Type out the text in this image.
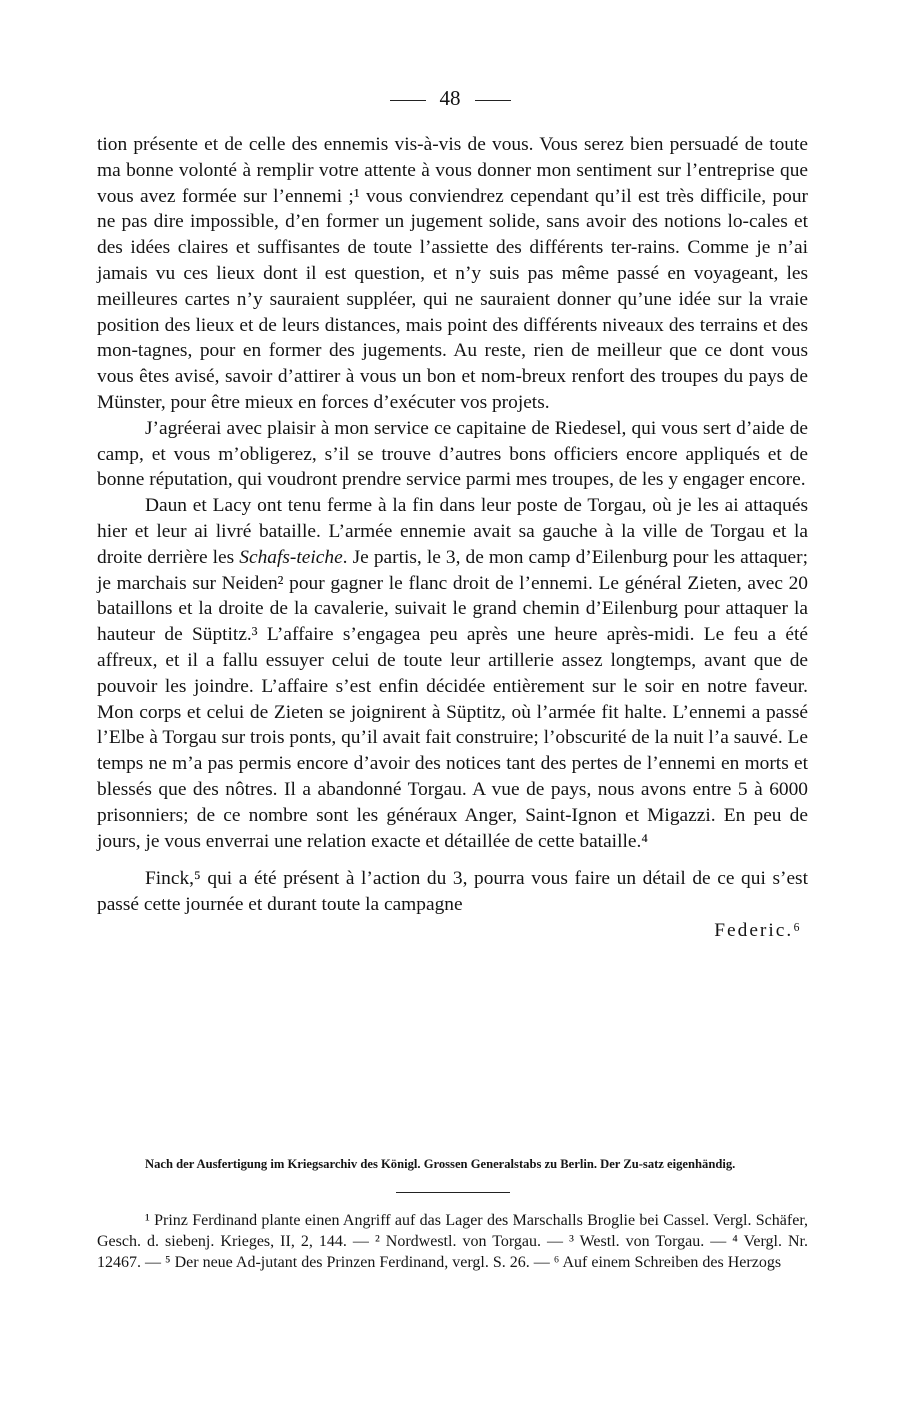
48

tion présente et de celle des ennemis vis-à-vis de vous. Vous serez bien persuadé de toute ma bonne volonté à remplir votre attente à vous donner mon sentiment sur l’entreprise que vous avez formée sur l’ennemi ;¹ vous conviendrez cependant qu’il est très difficile, pour ne pas dire impossible, d’en former un jugement solide, sans avoir des notions lo-cales et des idées claires et suffisantes de toute l’assiette des différents ter-rains. Comme je n’ai jamais vu ces lieux dont il est question, et n’y suis pas même passé en voyageant, les meilleures cartes n’y sauraient suppléer, qui ne sauraient donner qu’une idée sur la vraie position des lieux et de leurs distances, mais point des différents niveaux des terrains et des mon-tagnes, pour en former des jugements. Au reste, rien de meilleur que ce dont vous vous êtes avisé, savoir d’attirer à vous un bon et nom-breux renfort des troupes du pays de Münster, pour être mieux en forces d’exécuter vos projets.

J’agréerai avec plaisir à mon service ce capitaine de Riedesel, qui vous sert d’aide de camp, et vous m’obligerez, s’il se trouve d’autres bons officiers encore appliqués et de bonne réputation, qui voudront prendre service parmi mes troupes, de les y engager encore.

Daun et Lacy ont tenu ferme à la fin dans leur poste de Torgau, où je les ai attaqués hier et leur ai livré bataille. L’armée ennemie avait sa gauche à la ville de Torgau et la droite derrière les Schafs-teiche. Je partis, le 3, de mon camp d’Eilenburg pour les attaquer; je marchais sur Neiden² pour gagner le flanc droit de l’ennemi. Le général Zieten, avec 20 bataillons et la droite de la cavalerie, suivait le grand chemin d’Eilenburg pour attaquer la hauteur de Süptitz.³ L’affaire s’engagea peu après une heure après-midi. Le feu a été affreux, et il a fallu essuyer celui de toute leur artillerie assez longtemps, avant que de pouvoir les joindre. L’affaire s’est enfin décidée entièrement sur le soir en notre faveur. Mon corps et celui de Zieten se joignirent à Süptitz, où l’armée fit halte. L’ennemi a passé l’Elbe à Torgau sur trois ponts, qu’il avait fait construire; l’obscurité de la nuit l’a sauvé. Le temps ne m’a pas permis encore d’avoir des notices tant des pertes de l’ennemi en morts et blessés que des nôtres. Il a abandonné Torgau. A vue de pays, nous avons entre 5 à 6000 prisonniers; de ce nombre sont les généraux Anger, Saint-Ignon et Migazzi. En peu de jours, je vous enverrai une relation exacte et détaillée de cette bataille.⁴

Finck,⁵ qui a été présent à l’action du 3, pourra vous faire un détail de ce qui s’est passé cette journée et durant toute la campagne

Federic.⁶
Nach der Ausfertigung im Kriegsarchiv des Königl. Grossen Generalstabs zu Berlin. Der Zu-satz eigenhändig.
¹ Prinz Ferdinand plante einen Angriff auf das Lager des Marschalls Broglie bei Cassel. Vergl. Schäfer, Gesch. d. siebenj. Krieges, II, 2, 144. — ² Nordwestl. von Torgau. — ³ Westl. von Torgau. — ⁴ Vergl. Nr. 12467. — ⁵ Der neue Ad-jutant des Prinzen Ferdinand, vergl. S. 26. — ⁶ Auf einem Schreiben des Herzogs
